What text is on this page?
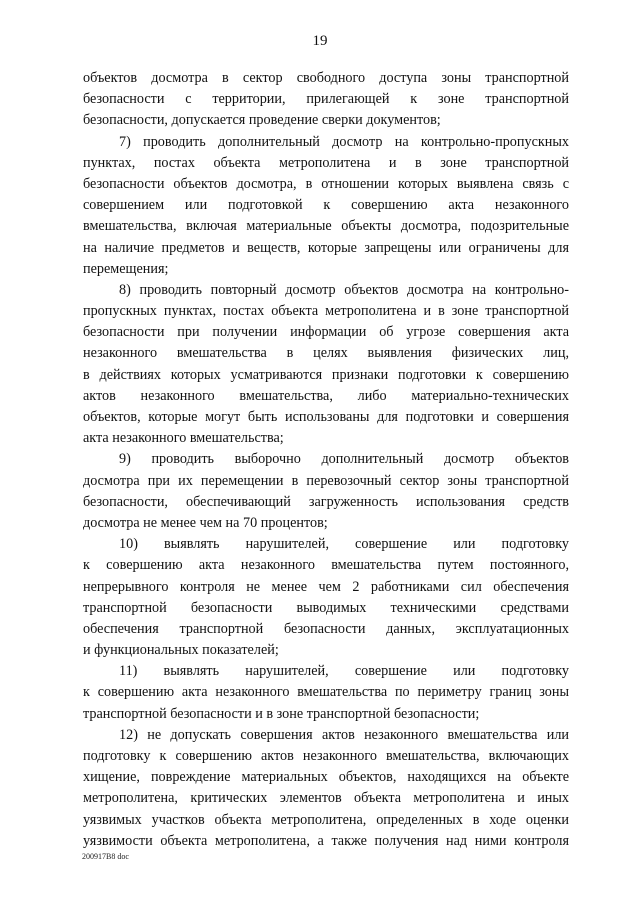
19
объектов досмотра в сектор свободного доступа зоны транспортной
безопасности с территории, прилегающей к зоне транспортной
безопасности, допускается проведение сверки документов;
7) проводить дополнительный досмотр на контрольно-пропускных
пунктах, постах объекта метрополитена и в зоне транспортной
безопасности объектов досмотра, в отношении которых выявлена связь с
совершением или подготовкой к совершению акта незаконного
вмешательства, включая материальные объекты досмотра, подозрительные
на наличие предметов и веществ, которые запрещены или ограничены для
перемещения;
8) проводить повторный досмотр объектов досмотра на контрольно-
пропускных пунктах, постах объекта метрополитена и в зоне транспортной
безопасности при получении информации об угрозе совершения акта
незаконного вмешательства в целях выявления физических лиц,
в действиях которых усматриваются признаки подготовки к совершению
актов незаконного вмешательства, либо материально-технических
объектов, которые могут быть использованы для подготовки и совершения
акта незаконного вмешательства;
9) проводить выборочно дополнительный досмотр объектов
досмотра при их перемещении в перевозочный сектор зоны транспортной
безопасности, обеспечивающий загруженность использования средств
досмотра не менее чем на 70 процентов;
10) выявлять нарушителей, совершение или подготовку
к совершению акта незаконного вмешательства путем постоянного,
непрерывного контроля не менее чем 2 работниками сил обеспечения
транспортной безопасности выводимых техническими средствами
обеспечения транспортной безопасности данных, эксплуатационных
и функциональных показателей;
11) выявлять нарушителей, совершение или подготовку
к совершению акта незаконного вмешательства по периметру границ зоны
транспортной безопасности и в зоне транспортной безопасности;
12) не допускать совершения актов незаконного вмешательства или
подготовку к совершению актов незаконного вмешательства, включающих
хищение, повреждение материальных объектов, находящихся на объекте
метрополитена, критических элементов объекта метрополитена и иных
уязвимых участков объекта метрополитена, определенных в ходе оценки
уязвимости объекта метрополитена, а также получения над ними контроля
200917В8 doc
